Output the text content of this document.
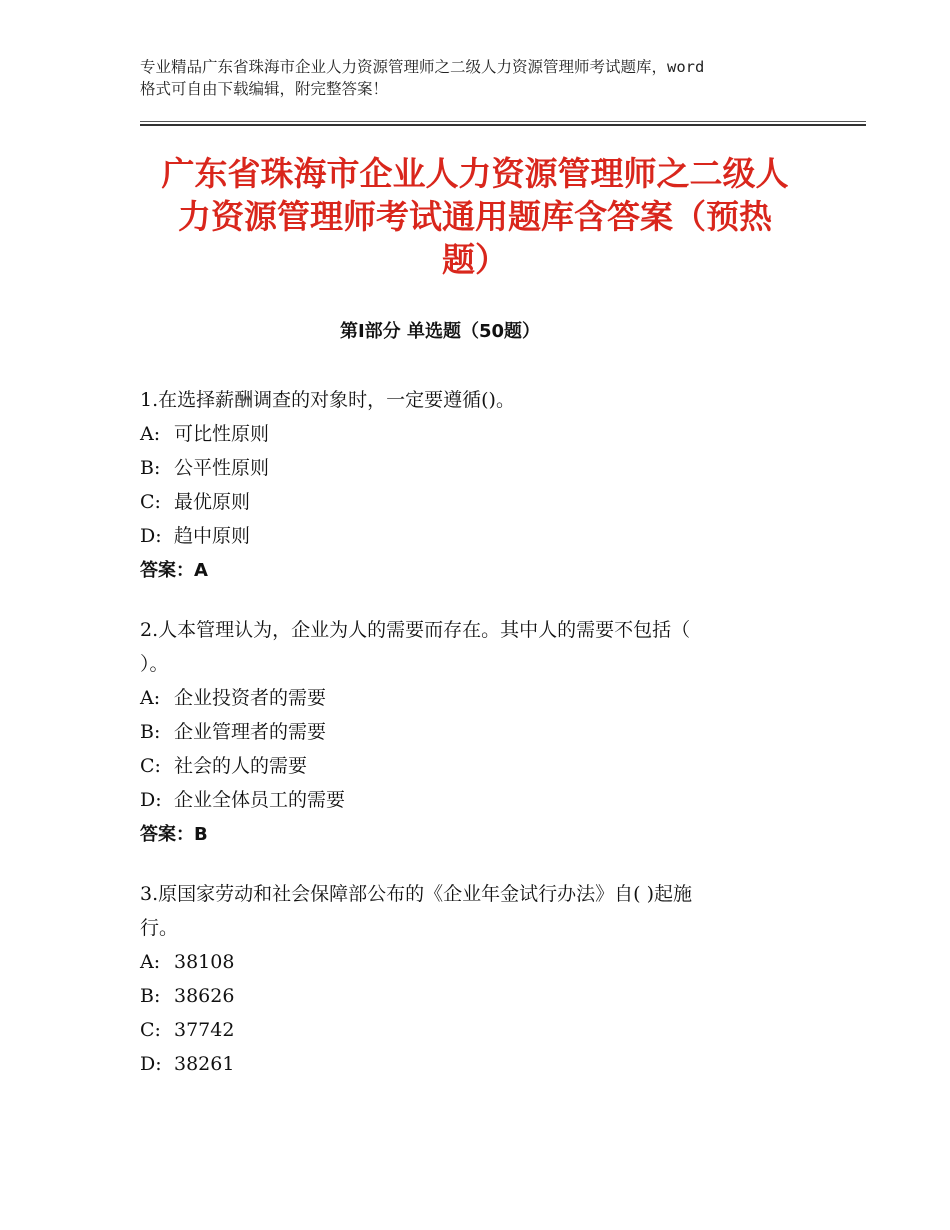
专业精品广东省珠海市企业人力资源管理师之二级人力资源管理师考试题库，word
格式可自由下载编辑，附完整答案！
广东省珠海市企业人力资源管理师之二级人
力资源管理师考试通用题库含答案（预热
题）
第Ⅰ部分 单选题（50题）
1.在选择薪酬调查的对象时，一定要遵循()。
A: 可比性原则
B: 公平性原则
C: 最优原则
D: 趋中原则
答案：A
2.人本管理认为，企业为人的需要而存在。其中人的需要不包括（
）。
A: 企业投资者的需要
B: 企业管理者的需要
C: 社会的人的需要
D: 企业全体员工的需要
答案：B
3.原国家劳动和社会保障部公布的《企业年金试行办法》自( )起施
行。
A: 38108
B: 38626
C: 37742
D: 38261
